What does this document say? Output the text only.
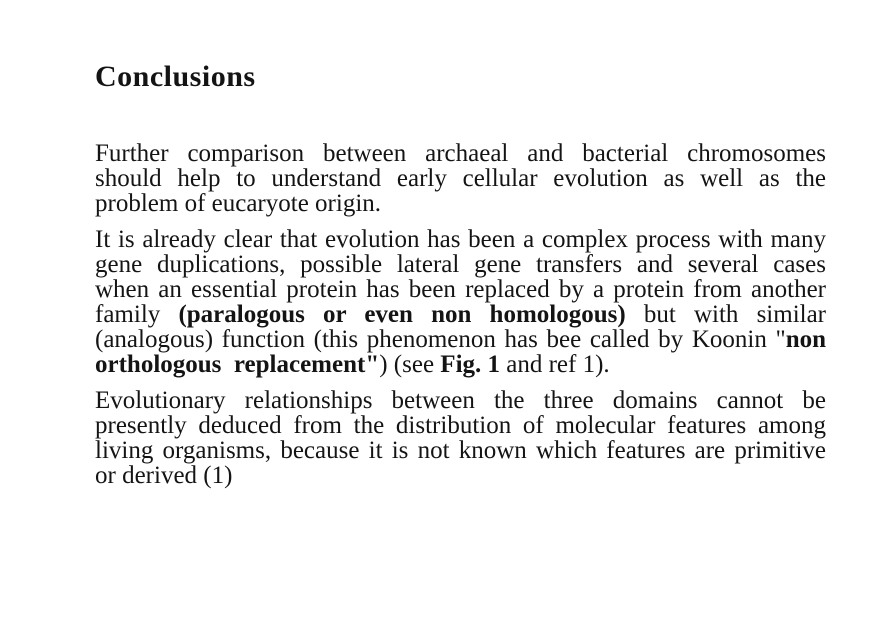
Conclusions
Further comparison between archaeal and bacterial chromosomes
should help to understand early cellular evolution as well as the
problem of eucaryote origin.
It is already clear that evolution has been a complex process with many
gene duplications, possible lateral gene transfers and several cases
when an essential protein has been replaced by a protein from another
family (paralogous or even non homologous) but with similar
(analogous) function (this phenomenon has bee called by Koonin "non
orthologous  replacement") (see Fig. 1 and ref 1).
Evolutionary relationships between the three domains cannot be
presently deduced from the distribution of molecular features among
living organisms, because it is not known which features are primitive
or derived (1)
